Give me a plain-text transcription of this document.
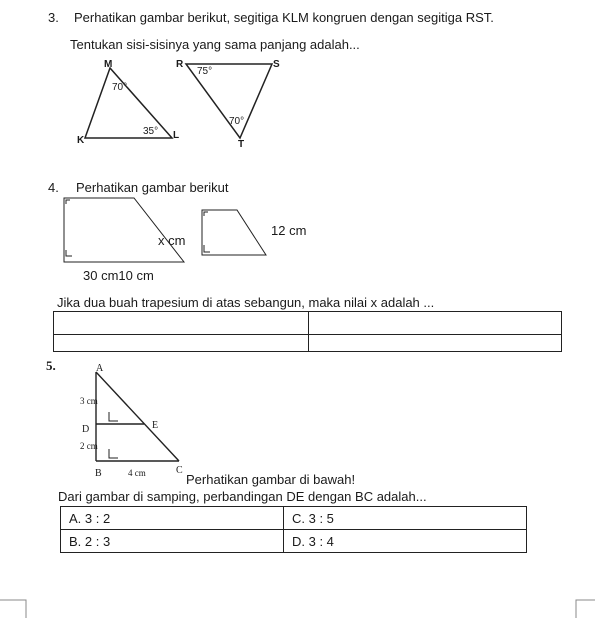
3. Perhatikan gambar berikut, segitiga KLM kongruen dengan segitiga RST.
Tentukan sisi-sisinya yang sama panjang adalah...
M
K	L
70°
35°
R	S
T
75°
70°
4. Perhatikan gambar berikut
x cm
12 cm
30 cm10 cm
Jika dua buah trapesium di atas sebangun, maka nilai x adalah ...

5.	A
3 cm
D	E
2 cm
B	4 cm	C
Perhatikan gambar di bawah!
Dari gambar di samping, perbandingan DE dengan BC adalah...
A. 3 : 2	C. 3 : 5
B. 2 : 3	D. 3 : 4
